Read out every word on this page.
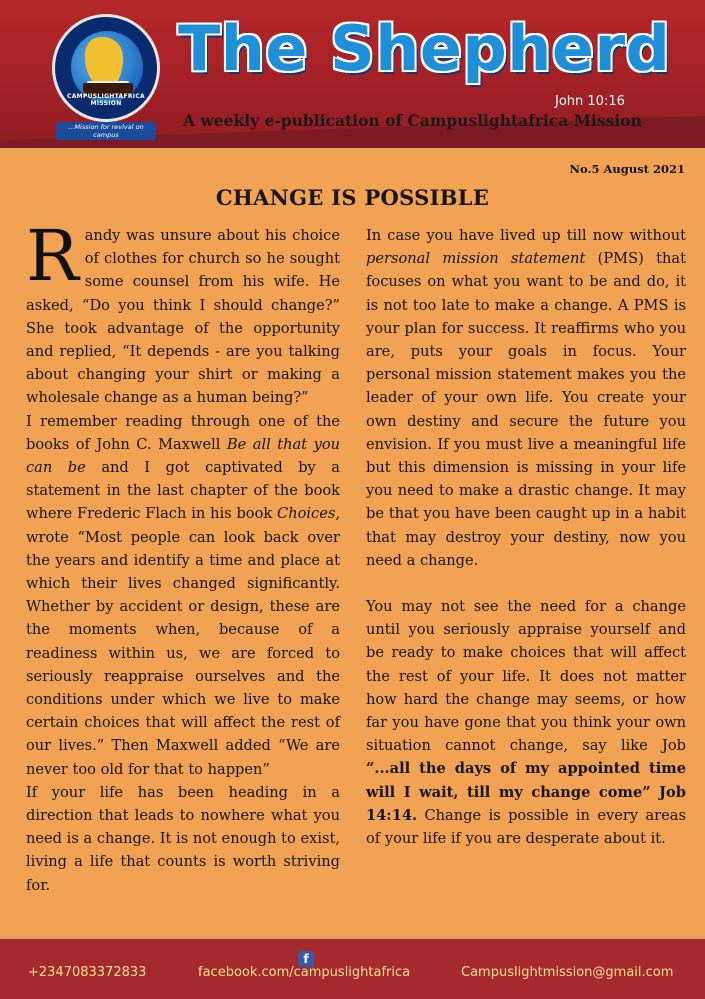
CAMPUSLIGHTAFRICA MISSION
...Mission for revival on campus
The Shepherd
John 10:16
A weekly e-publication of Campuslightafrica Mission
No.5 August 2021
CHANGE IS POSSIBLE

Randy was unsure about his choice of clothes for church so he sought some counsel from his wife. He asked, “Do you think I should change?” She took advantage of the opportunity and replied, “It depends - are you talking about changing your shirt or making a wholesale change as a human being?”

I remember reading through one of the books of John C. Maxwell Be all that you can be and I got captivated by a statement in the last chapter of the book where Frederic Flach in his book Choices, wrote “Most people can look back over the years and identify a time and place at which their lives changed significantly. Whether by accident or design, these are the moments when, because of a readiness within us, we are forced to seriously reappraise ourselves and the conditions under which we live to make certain choices that will affect the rest of our lives.” Then Maxwell added “We are never too old for that to happen”

If your life has been heading in a direction that leads to nowhere what you need is a change. It is not enough to exist, living a life that counts is worth striving for.

In case you have lived up till now without personal mission statement (PMS) that focuses on what you want to be and do, it is not too late to make a change. A PMS is your plan for success. It reaffirms who you are, puts your goals in focus. Your personal mission statement makes you the leader of your own life. You create your own destiny and secure the future you envision. If you must live a meaningful life but this dimension is missing in your life you need to make a drastic change. It may be that you have been caught up in a habit that may destroy your destiny, now you need a change.

You may not see the need for a change until you seriously appraise yourself and be ready to make choices that will affect the rest of your life. It does not matter how hard the change may seems, or how far you have gone that you think your own situation cannot change, say like Job “...all the days of my appointed time will I wait, till my change come” Job 14:14. Change is possible in every areas of your life if you are desperate about it.

f
+2347083372833	facebook.com/campuslightafrica	Campuslightmission@gmail.com
